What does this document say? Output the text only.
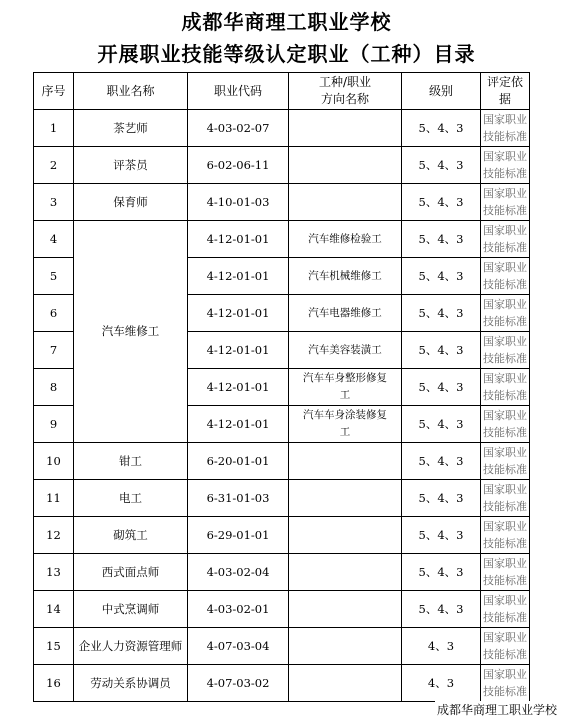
成都华商理工职业学校
开展职业技能等级认定职业（工种）目录
序号	职业名称	职业代码	工种/职业
方向名称	级别	评定依
据
1	茶艺师	4-03-02-07		5、4、3	国家职业
技能标准
2	评茶员	6-02-06-11		5、4、3	国家职业
技能标准
3	保育师	4-10-01-03		5、4、3	国家职业
技能标准
4	汽车维修工	4-12-01-01	汽车维修检验工	5、4、3	国家职业
技能标准
5		4-12-01-01	汽车机械维修工	5、4、3	国家职业
技能标准
6		4-12-01-01	汽车电器维修工	5、4、3	国家职业
技能标准
7		4-12-01-01	汽车美容装潢工	5、4、3	国家职业
技能标准
8		4-12-01-01	汽车车身整形修复
工	5、4、3	国家职业
技能标准
9		4-12-01-01	汽车车身涂装修复
工	5、4、3	国家职业
技能标准
10	钳工	6-20-01-01		5、4、3	国家职业
技能标准
11	电工	6-31-01-03		5、4、3	国家职业
技能标准
12	砌筑工	6-29-01-01		5、4、3	国家职业
技能标准
13	西式面点师	4-03-02-04		5、4、3	国家职业
技能标准
14	中式烹调师	4-03-02-01		5、4、3	国家职业
技能标准
15	企业人力资源管理师	4-07-03-04		4、3	国家职业
技能标准
16	劳动关系协调员	4-07-03-02		4、3	国家职业
技能标准
成都华商理工职业学校
